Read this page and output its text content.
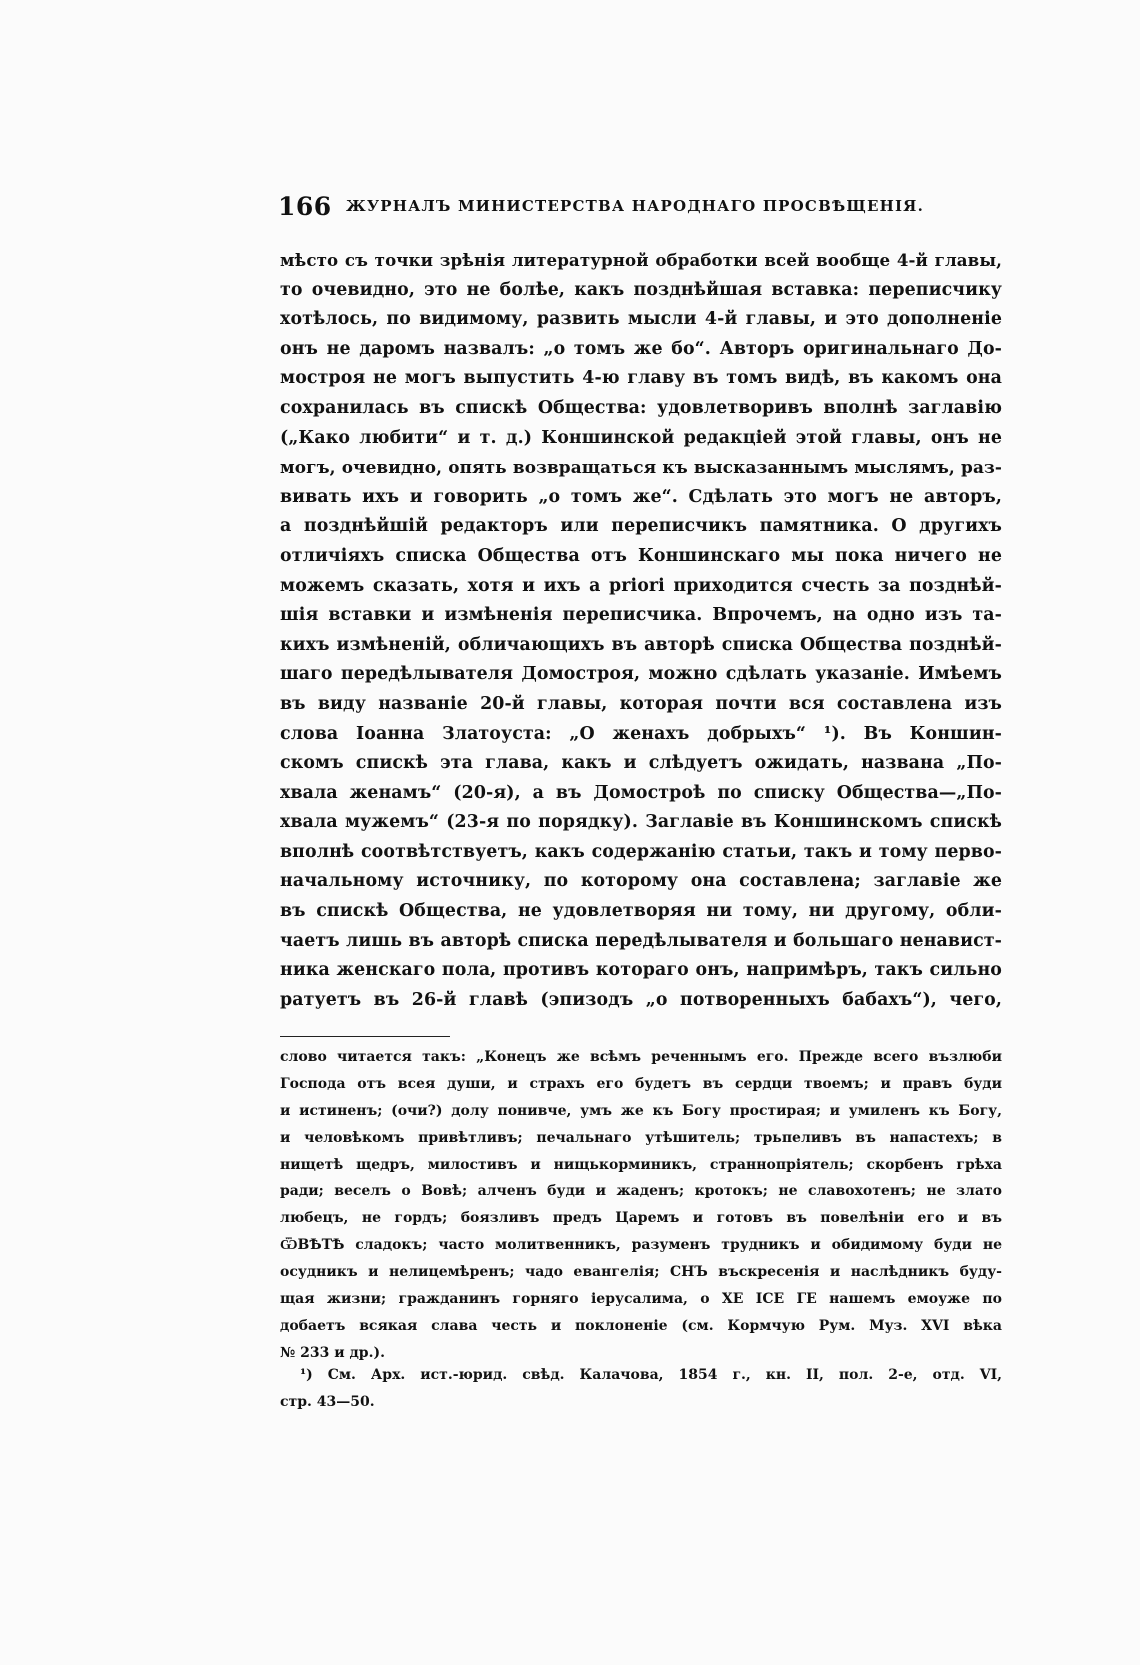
166 ЖУРНАЛЪ МИНИСТЕРСТВА НАРОДНАГО ПРОСВѢЩЕНІЯ.
мѣсто съ точки зрѣнія литературной обработки всей вообще 4-й главы,
то очевидно, это не болѣе, какъ позднѣйшая вставка: переписчику
хотѣлось, по видимому, развить мысли 4-й главы, и это дополненіе
онъ не даромъ назвалъ: „о томъ же бо“. Авторъ оригинальнаго До-
мостроя не могъ выпустить 4-ю главу въ томъ видѣ, въ какомъ она
сохранилась въ спискѣ Общества: удовлетворивъ вполнѣ заглавію
(„Како любити“ и т. д.) Коншинской редакціей этой главы, онъ не
могъ, очевидно, опять возвращаться къ высказаннымъ мыслямъ, раз-
вивать ихъ и говорить „о томъ же“. Сдѣлать это могъ не авторъ,
а позднѣйшій редакторъ или переписчикъ памятника. О другихъ
отличіяхъ списка Общества отъ Коншинскаго мы пока ничего не
можемъ сказать, хотя и ихъ а priori приходится счесть за позднѣй-
шія вставки и измѣненія переписчика. Впрочемъ, на одно изъ та-
кихъ измѣненій, обличающихъ въ авторѣ списка Общества позднѣй-
шаго передѣлывателя Домостроя, можно сдѣлать указаніе. Имѣемъ
въ виду названіе 20-й главы, которая почти вся составлена изъ
слова Іоанна Златоуста: „О женахъ добрыхъ“ ¹). Въ Коншин-
скомъ спискѣ эта глава, какъ и слѣдуетъ ожидать, названа „По-
хвала женамъ“ (20-я), а въ Домостроѣ по списку Общества—„По-
хвала мужемъ“ (23-я по порядку). Заглавіе въ Коншинскомъ спискѣ
вполнѣ соотвѣтствуетъ, какъ содержанію статьи, такъ и тому перво-
начальному источнику, по которому она составлена; заглавіе же
въ спискѣ Общества, не удовлетворяя ни тому, ни другому, обли-
чаетъ лишь въ авторѣ списка передѣлывателя и большаго ненавист-
ника женскаго пола, противъ котораго онъ, напримѣръ, такъ сильно
ратуетъ въ 26-й главѣ (эпизодъ „о потворенныхъ бабахъ“), чего,
слово читается такъ: „Конецъ же всѣмъ реченнымъ его. Прежде всего възлюби
Господа отъ всея души, и страхъ его будетъ въ сердци твоемъ; и правъ буди
и истиненъ; (очи?) долу понивче, умъ же къ Богу простирая; и умиленъ къ Богу,
и человѣкомъ привѣтливъ; печальнаго утѣшитель; трьпеливъ въ напастехъ; в
нищетѣ щедръ, милостивъ и нищькорминикъ, страннопріятель; скорбенъ грѣха
ради; веселъ о Вовѣ; алченъ буди и жаденъ; кротокъ; не славохотенъ; не злато
любецъ, не гордъ; боязливъ предъ Царемъ и готовъ въ повелѣніи его и въ
ѾВѢТѢ сладокъ; часто молитвенникъ, разуменъ трудникъ и обидимому буди не
осудникъ и нелицемѣренъ; чадо евангелія; СНЪ въскресенія и наслѣдникъ буду-
щая жизни; гражданинъ горняго іерусалима, о ХЕ ІСЕ ГЕ нашемъ емоуже по
добаетъ всякая слава честь и поклоненіе (см. Кормчую Рум. Муз. XVI вѣка
№ 233 и др.).
¹) См. Арх. ист.-юрид. свѣд. Калачова, 1854 г., кн. II, пол. 2-е, отд. VI,
стр. 43—50.
